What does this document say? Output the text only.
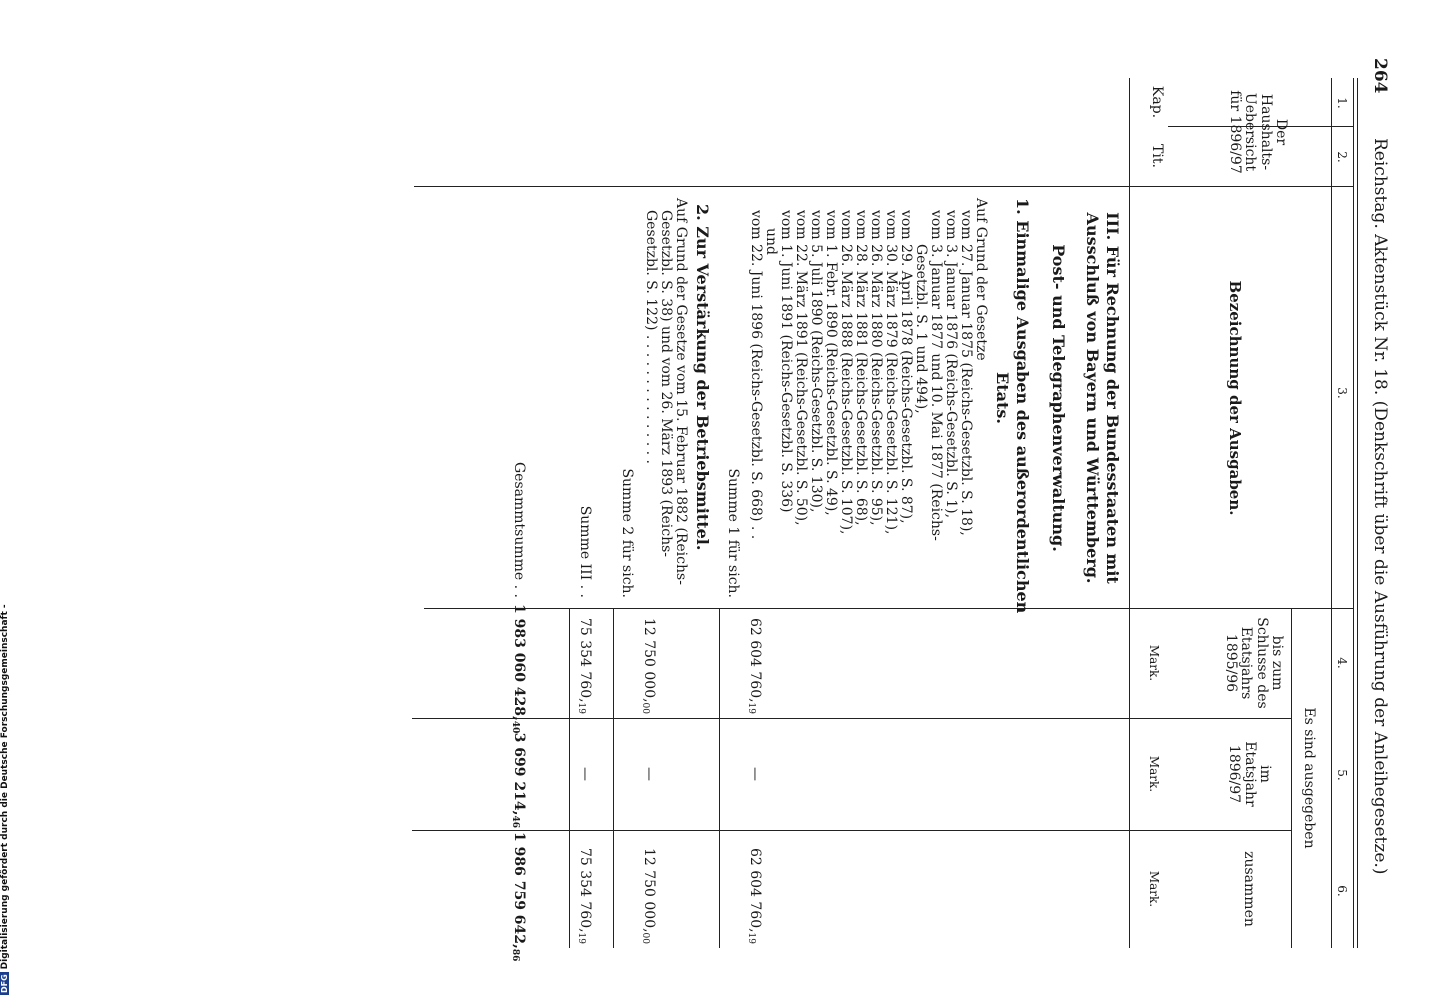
264
Reichstag. Aktenstück Nr. 18. (Denkschrift über die Ausführung der Anleihegesetze.)
1.
2.
3.
4.
5.
6.
Der
Haushalts-
Uebersicht
für 1896/97
Kap.
Tit.
Bezeichnung der Ausgaben.
Es sind ausgegeben
bis zum
Schlusse des
Etatsjahrs
1895/96
im
Etatsjahr
1896/97
zusammen
Mark.
Mark.
Mark.
III. Für Rechnung der Bundesstaaten mit
Ausschluß von Bayern und Württemberg.
Post- und Telegraphenverwaltung.
1. Einmalige Ausgaben des außerordentlichen
Etats.
Auf Grund der Gesetze
vom 27. Januar 1875 (Reichs-Gesetzbl. S. 18),
vom 3. Januar 1876 (Reichs-Gesetzbl. S. 1),
vom 3. Januar 1877 und 10. Mai 1877 (Reichs-
Gesetzbl. S. 1 und 494),
vom 29. April 1878 (Reichs-Gesetzbl. S. 87),
vom 30. März 1879 (Reichs-Gesetzbl. S. 121),
vom 26. März 1880 (Reichs-Gesetzbl. S. 95),
vom 28. März 1881 (Reichs-Gesetzbl. S. 68),
vom 26. März 1888 (Reichs-Gesetzbl. S. 107),
vom 1. Febr. 1890 (Reichs-Gesetzbl. S. 49),
vom 5. Juli 1890 (Reichs-Gesetzbl. S. 130),
vom 22. März 1891 (Reichs-Gesetzbl. S. 50),
vom 1. Juni 1891 (Reichs-Gesetzbl. S. 336)
und
vom 22. Juni 1896 (Reichs-Gesetzbl. S. 668) . .
62 604 $760,_{19}$
—
62 604 $760,_{19}$
Summe 1 für sich.
2. Zur Verstärkung der Betriebsmittel.
Auf Grund der Gesetze vom 15. Februar 1882 (Reichs-
Gesetzbl. S. 38) und vom 26. März 1893 (Reichs-
Gesetzbl. S. 122) . . . . . . . . . . . . . . .
12 750 $000,_{00}$
—
12 750 $000,_{00}$
Summe 2 für sich.
Summe III . .
75 354 $760,_{19}$
—
75 354 $760,_{19}$
Gesammtsumme . .
1 983 060 $428,_{40}$
3 699 $214,_{46}$
1 986 759 $642,_{86}$
DFGDigitalisierung gefördert durch die Deutsche Forschungsgemeinschaft -
